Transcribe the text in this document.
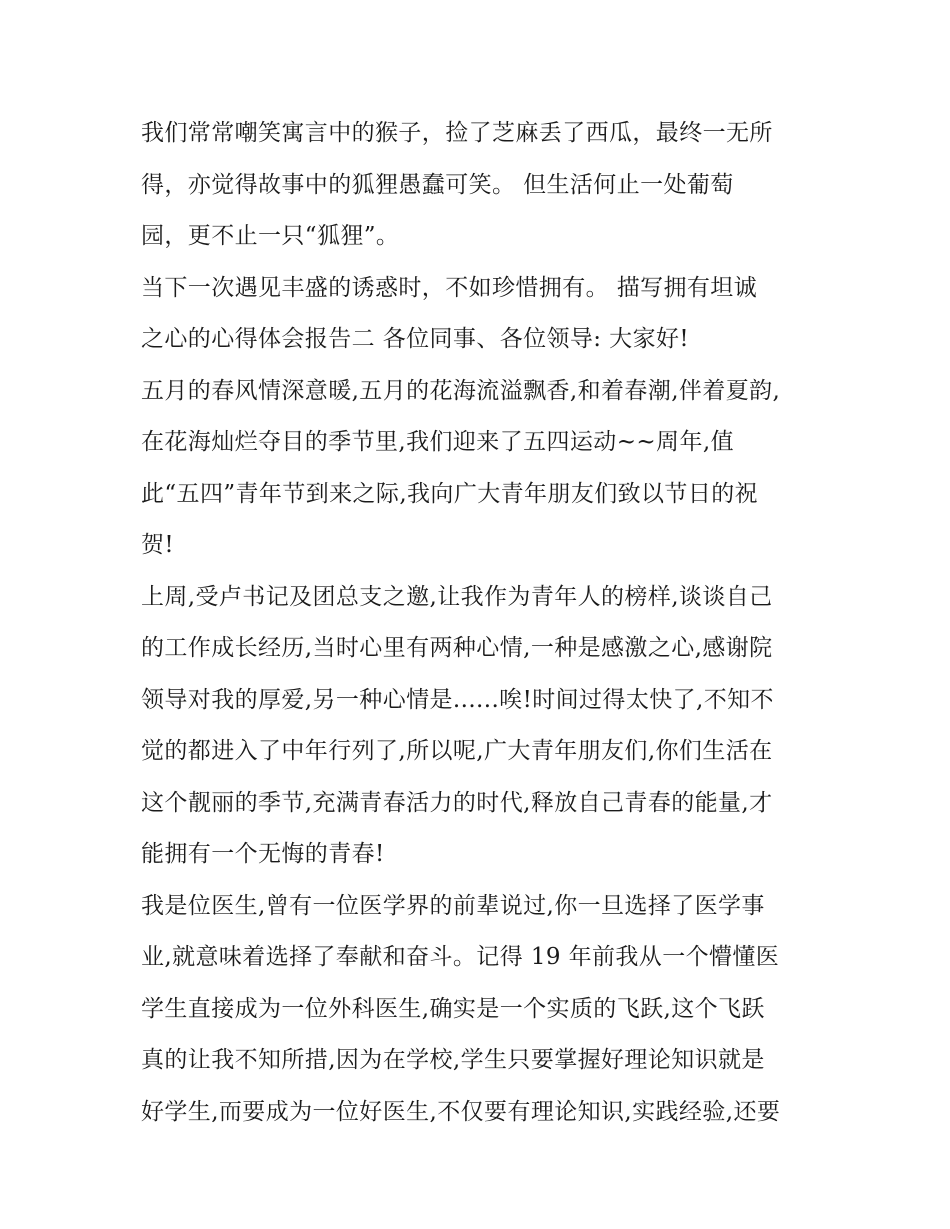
我们常常嘲笑寓言中的猴子，捡了芝麻丢了西瓜，最终一无所
得，亦觉得故事中的狐狸愚蠢可笑。 但生活何止一处葡萄
园，更不止一只“狐狸”。
当下一次遇见丰盛的诱惑时，不如珍惜拥有。 描写拥有坦诚
之心的心得体会报告二 各位同事、各位领导: 大家好!
五月的春风情深意暖,五月的花海流溢飘香,和着春潮,伴着夏韵,
在花海灿烂夺目的季节里,我们迎来了五四运动~~周年,值
此“五四”青年节到来之际,我向广大青年朋友们致以节日的祝
贺!
上周,受卢书记及团总支之邀,让我作为青年人的榜样,谈谈自己
的工作成长经历,当时心里有两种心情,一种是感激之心,感谢院
领导对我的厚爱,另一种心情是......唉!时间过得太快了,不知不
觉的都进入了中年行列了,所以呢,广大青年朋友们,你们生活在
这个靓丽的季节,充满青春活力的时代,释放自己青春的能量,才
能拥有一个无悔的青春!
我是位医生,曾有一位医学界的前辈说过,你一旦选择了医学事
业,就意味着选择了奉献和奋斗。记得 19 年前我从一个懵懂医
学生直接成为一位外科医生,确实是一个实质的飞跃,这个飞跃
真的让我不知所措,因为在学校,学生只要掌握好理论知识就是
好学生,而要成为一位好医生,不仅要有理论知识,实践经验,还要
